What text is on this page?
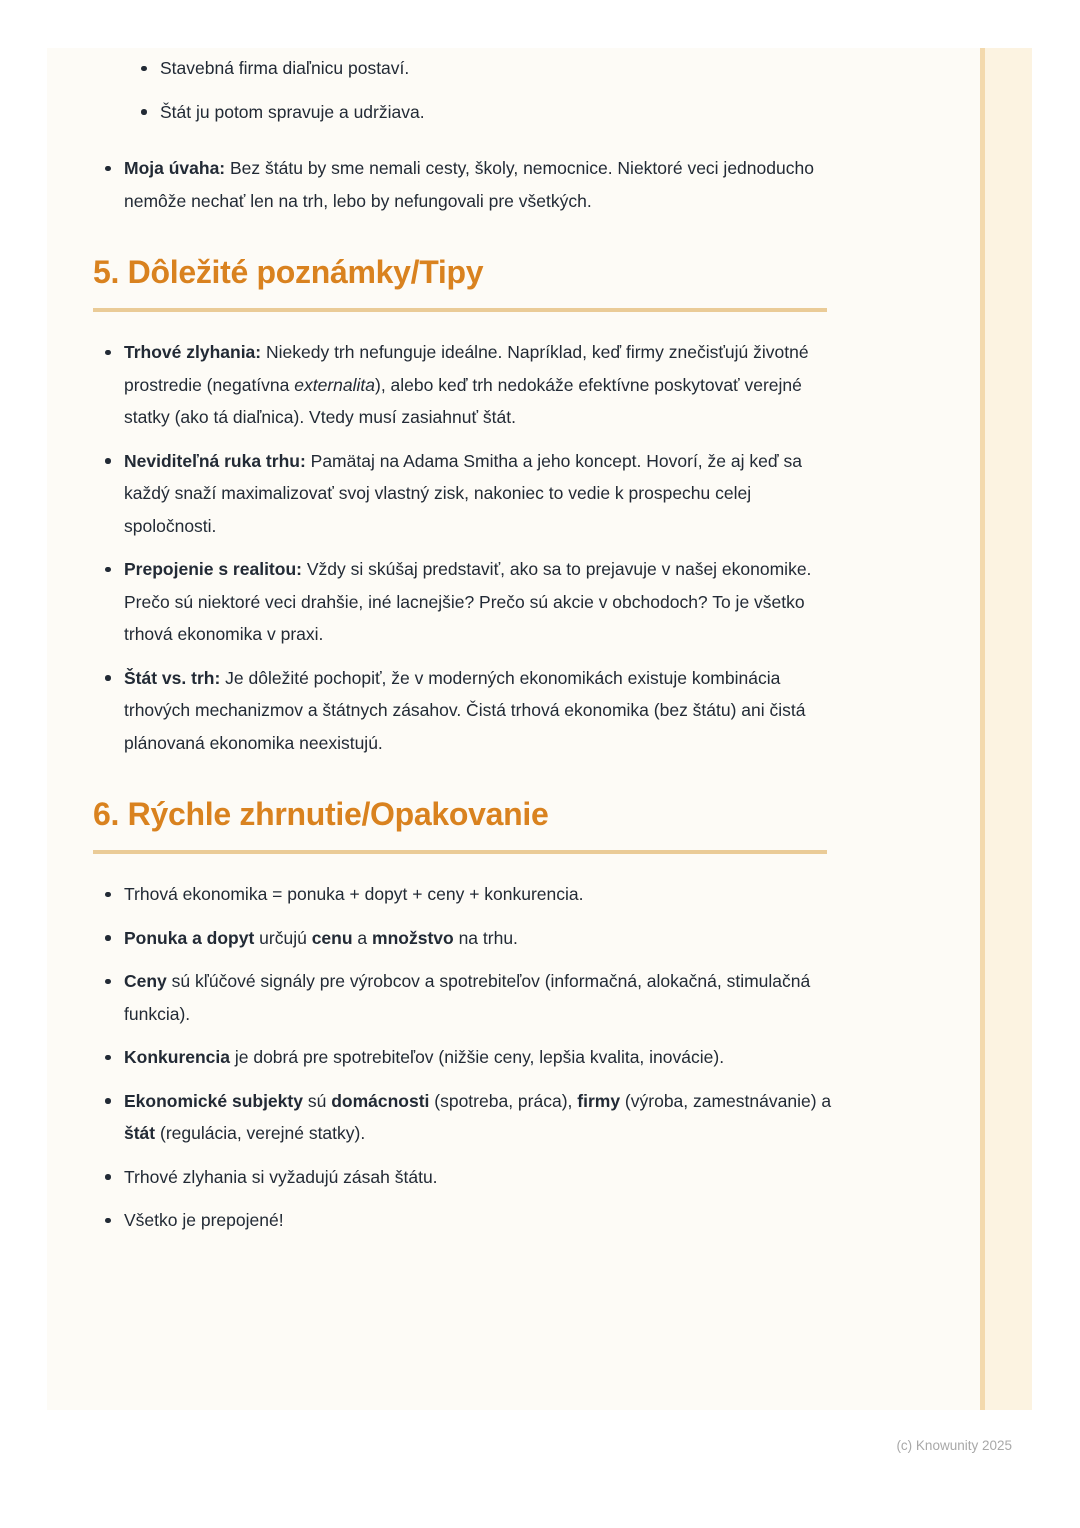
Stavebná firma diaľnicu postaví.
Štát ju potom spravuje a udržiava.
Moja úvaha: Bez štátu by sme nemali cesty, školy, nemocnice. Niektoré veci jednoducho nemôže nechať len na trh, lebo by nefungovali pre všetkých.
5. Dôležité poznámky/Tipy
Trhové zlyhania: Niekedy trh nefunguje ideálne. Napríklad, keď firmy znečisťujú životné prostredie (negatívna externalita), alebo keď trh nedokáže efektívne poskytovať verejné statky (ako tá diaľnica). Vtedy musí zasiahnuť štát.
Neviditeľná ruka trhu: Pamätaj na Adama Smitha a jeho koncept. Hovorí, že aj keď sa každý snaží maximalizovať svoj vlastný zisk, nakoniec to vedie k prospechu celej spoločnosti.
Prepojenie s realitou: Vždy si skúšaj predstaviť, ako sa to prejavuje v našej ekonomike. Prečo sú niektoré veci drahšie, iné lacnejšie? Prečo sú akcie v obchodoch? To je všetko trhová ekonomika v praxi.
Štát vs. trh: Je dôležité pochopiť, že v moderných ekonomikách existuje kombinácia trhových mechanizmov a štátnych zásahov. Čistá trhová ekonomika (bez štátu) ani čistá plánovaná ekonomika neexistujú.
6. Rýchle zhrnutie/Opakovanie
Trhová ekonomika = ponuka + dopyt + ceny + konkurencia.
Ponuka a dopyt určujú cenu a množstvo na trhu.
Ceny sú kľúčové signály pre výrobcov a spotrebiteľov (informačná, alokačná, stimulačná funkcia).
Konkurencia je dobrá pre spotrebiteľov (nižšie ceny, lepšia kvalita, inovácie).
Ekonomické subjekty sú domácnosti (spotreba, práca), firmy (výroba, zamestnávanie) a štát (regulácia, verejné statky).
Trhové zlyhania si vyžadujú zásah štátu.
Všetko je prepojené!
(c) Knowunity 2025
